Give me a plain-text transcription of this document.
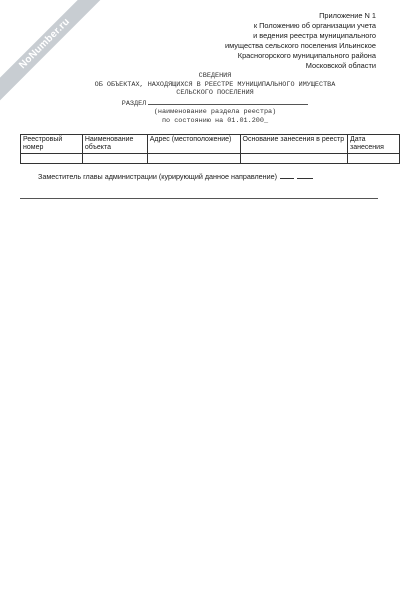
NoNumber.ru
Приложение N 1
к Положению об организации учета
и ведения реестра муниципального
имущества сельского поселения Ильинское
Красногорского муниципального района
Московской области
СВЕДЕНИЯ
ОБ ОБЪЕКТАХ, НАХОДЯЩИХСЯ В РЕЕСТРЕ МУНИЦИПАЛЬНОГО ИМУЩЕСТВА
СЕЛЬСКОГО ПОСЕЛЕНИЯ
РАЗДЕЛ
(наименование раздела реестра)
по состоянию на 01.01.200_
Реестровый номер	Наименование объекта	Адрес (местоположение)	Основание занесения в реестр	Дата занесения

Заместитель главы администрации (курирующий данное направление)
